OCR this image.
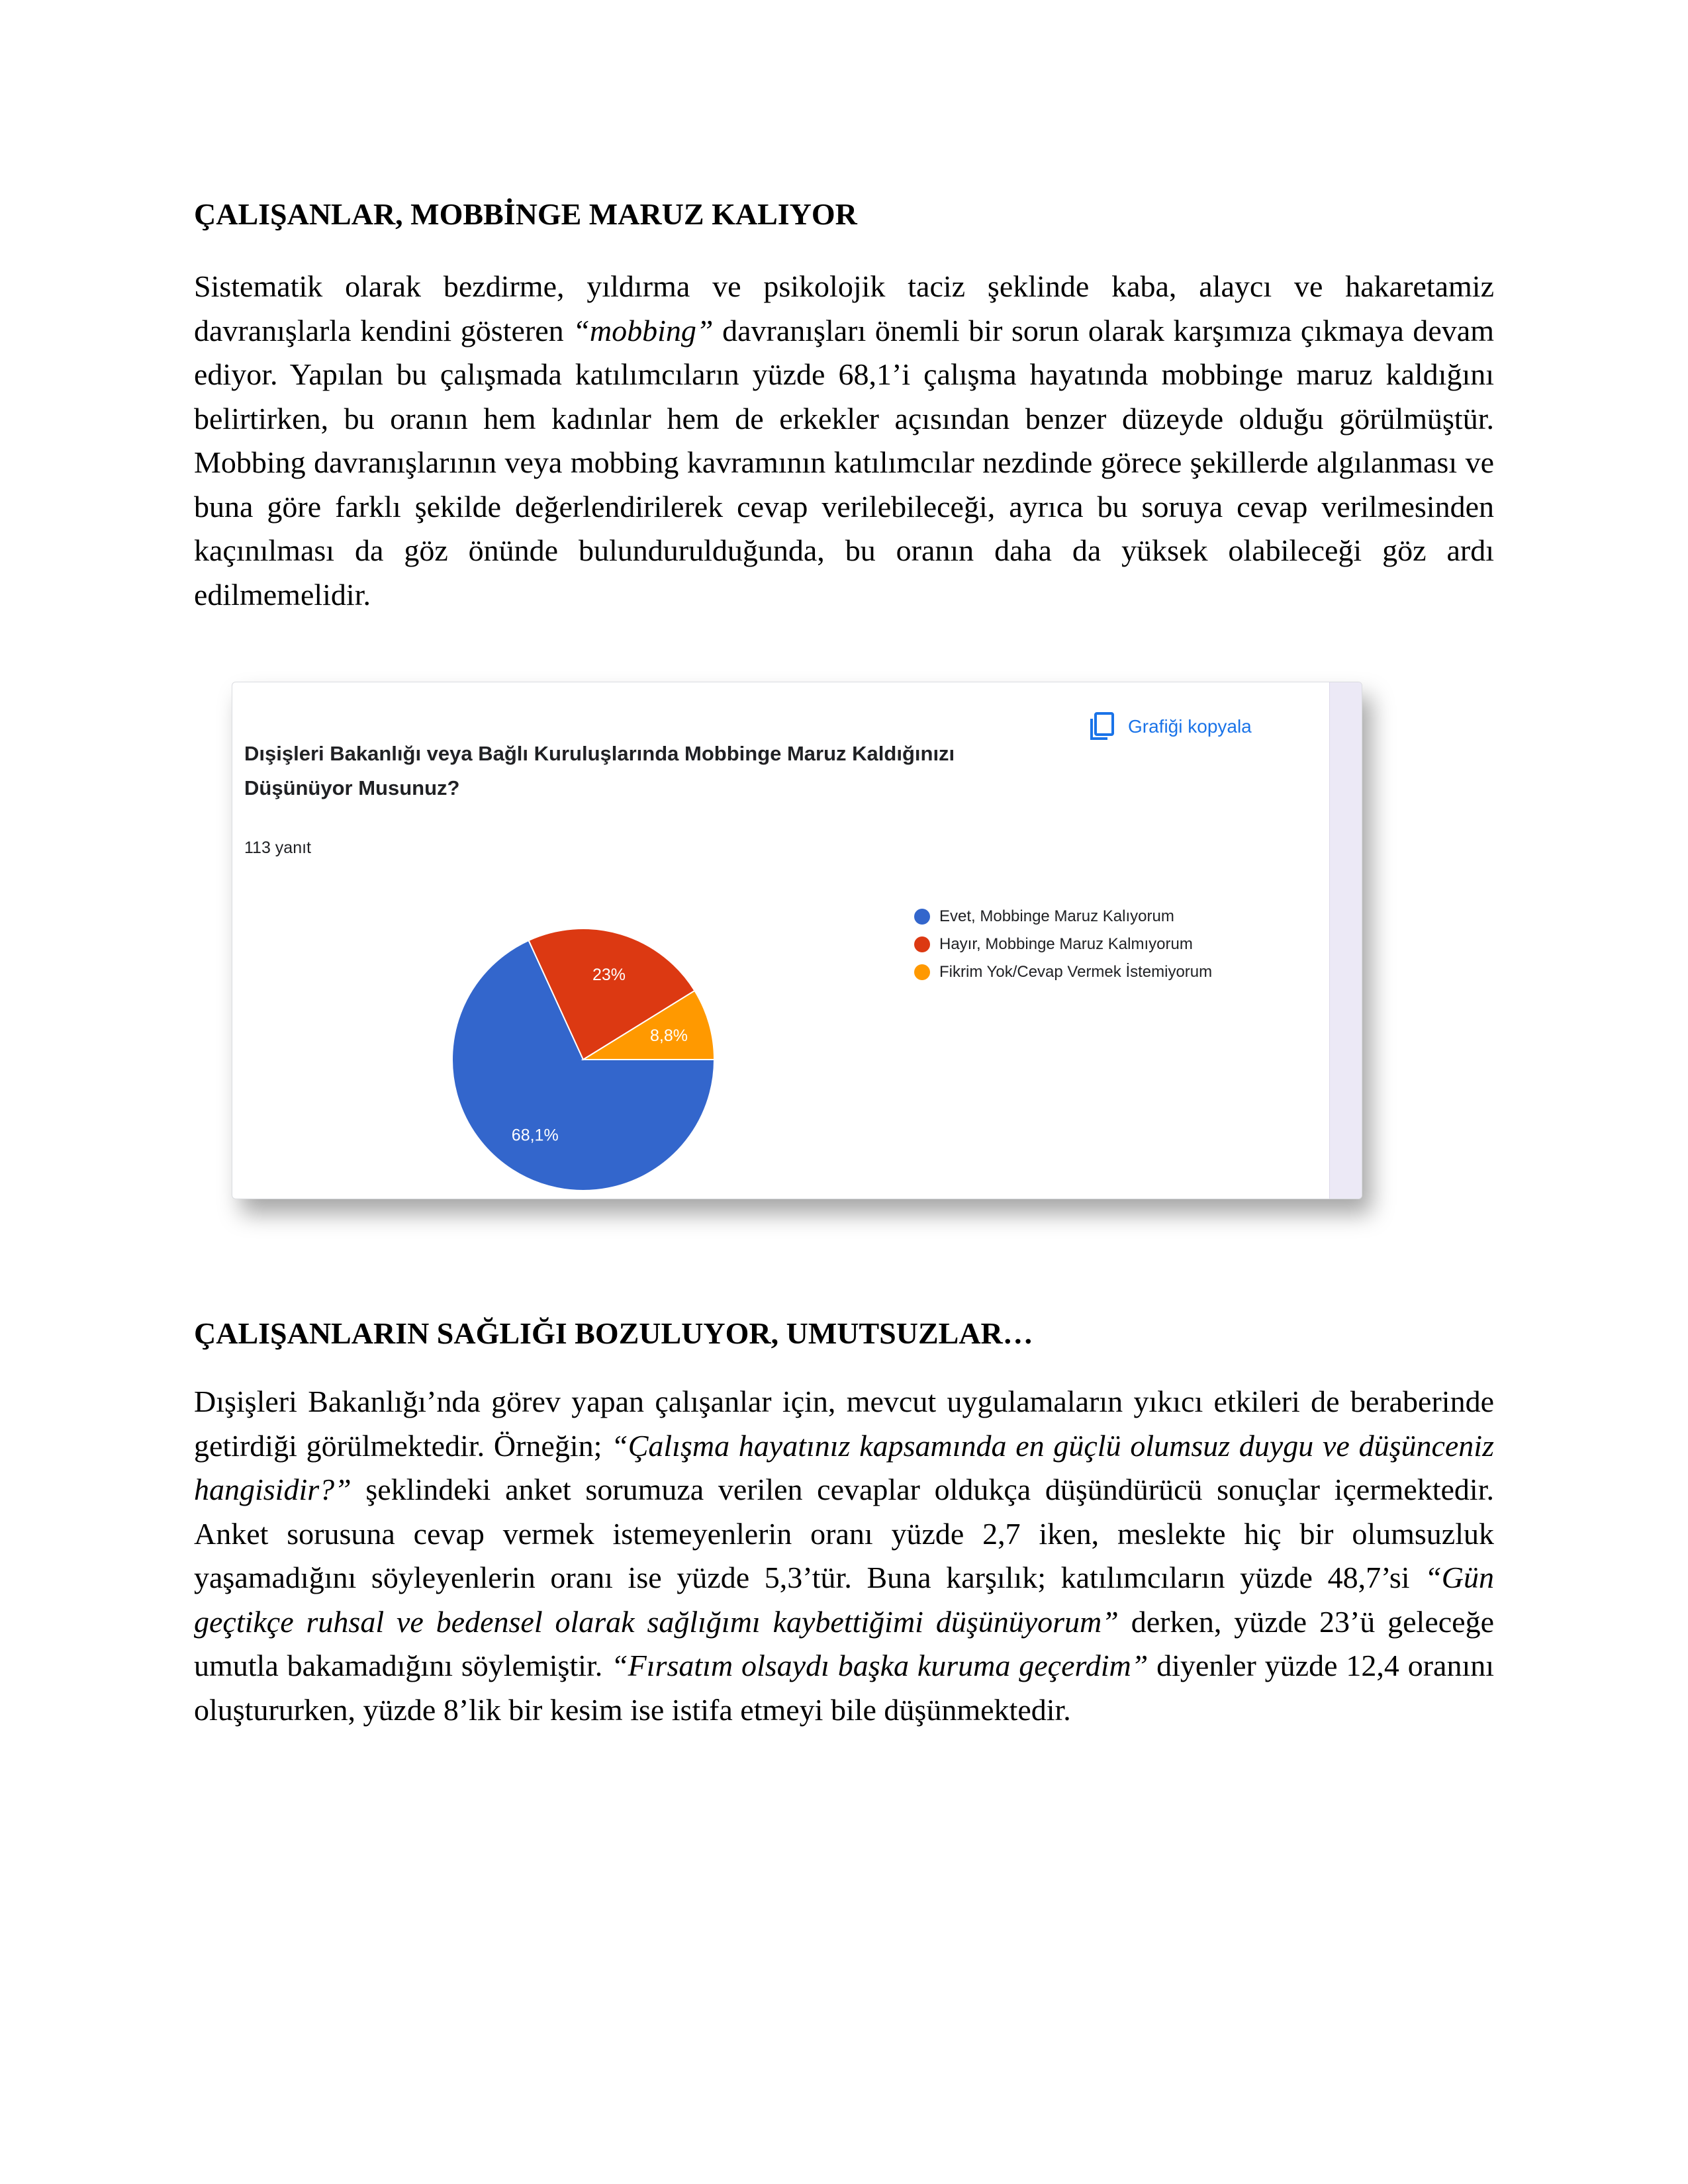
ÇALIŞANLAR, MOBBİNGE MARUZ KALIYOR

Sistematik olarak bezdirme, yıldırma ve psikolojik taciz şeklinde kaba, alaycı ve hakaretamiz davranışlarla kendini gösteren “mobbing” davranışları önemli bir sorun olarak karşımıza çıkmaya devam ediyor. Yapılan bu çalışmada katılımcıların yüzde 68,1’i çalışma hayatında mobbinge maruz kaldığını belirtirken, bu oranın hem kadınlar hem de erkekler açısından benzer düzeyde olduğu görülmüştür. Mobbing davranışlarının veya mobbing kavramının katılımcılar nezdinde görece şekillerde algılanması ve buna göre farklı şekilde değerlendirilerek cevap verilebileceği, ayrıca bu soruya cevap verilmesinden kaçınılması da göz önünde bulundurulduğunda, bu oranın daha da yüksek olabileceği göz ardı edilmemelidir.

Grafiği kopyala

Dışişleri Bakanlığı veya Bağlı Kuruluşlarında Mobbinge Maruz Kaldığınızı Düşünüyor Musunuz?

113 yanıt
68,1%
23%
8,8%
Evet, Mobbinge Maruz Kalıyorum
Hayır, Mobbinge Maruz Kalmıyorum
Fikrim Yok/Cevap Vermek İstemiyorum
ÇALIŞANLARIN SAĞLIĞI BOZULUYOR, UMUTSUZLAR…

Dışişleri Bakanlığı’nda görev yapan çalışanlar için, mevcut uygulamaların yıkıcı etkileri de beraberinde getirdiği görülmektedir. Örneğin; “Çalışma hayatınız kapsamında en güçlü olumsuz duygu ve düşünceniz hangisidir?” şeklindeki anket sorumuza verilen cevaplar oldukça düşündürücü sonuçlar içermektedir. Anket sorusuna cevap vermek istemeyenlerin oranı yüzde 2,7 iken, meslekte hiç bir olumsuzluk yaşamadığını söyleyenlerin oranı ise yüzde 5,3’tür. Buna karşılık; katılımcıların yüzde 48,7’si “Gün geçtikçe ruhsal ve bedensel olarak sağlığımı kaybettiğimi düşünüyorum” derken, yüzde 23’ü geleceğe umutla bakamadığını söylemiştir. “Fırsatım olsaydı başka kuruma geçerdim” diyenler yüzde 12,4 oranını oluştururken, yüzde 8’lik bir kesim ise istifa etmeyi bile düşünmektedir.
